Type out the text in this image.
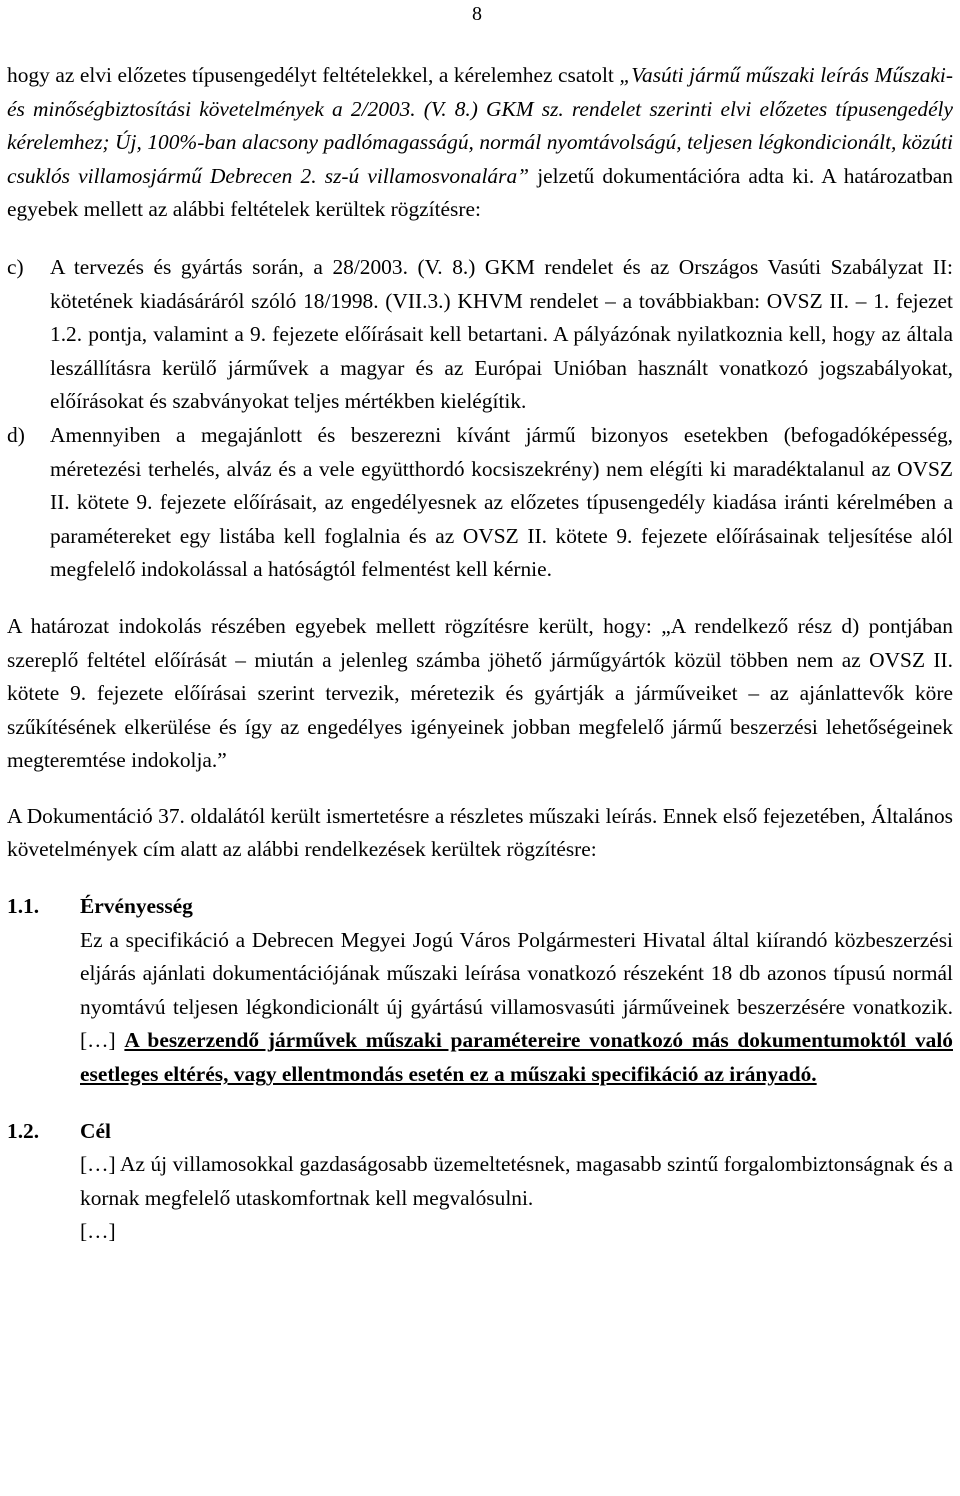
8

hogy az elvi előzetes típusengedélyt feltételekkel, a kérelemhez csatolt „Vasúti jármű műszaki leírás Műszaki- és minőségbiztosítási követelmények a 2/2003. (V. 8.) GKM sz. rendelet szerinti elvi előzetes típusengedély kérelemhez; Új, 100%-ban alacsony padlómagasságú, normál nyomtávolságú, teljesen légkondicionált, közúti csuklós villamosjármű Debrecen 2. sz-ú villamosvonalára” jelzetű dokumentációra adta ki. A határozatban egyebek mellett az alábbi feltételek kerültek rögzítésre:

c)	A tervezés és gyártás során, a 28/2003. (V. 8.) GKM rendelet és az Országos Vasúti Szabályzat II: kötetének kiadásáráról szóló 18/1998. (VII.3.) KHVM rendelet – a továbbiakban: OVSZ II. – 1. fejezet 1.2. pontja, valamint a 9. fejezete előírásait kell betartani. A pályázónak nyilatkoznia kell, hogy az általa leszállításra kerülő járművek a magyar és az Európai Unióban használt vonatkozó jogszabályokat, előírásokat és szabványokat teljes mértékben kielégítik.
d)	Amennyiben a megajánlott és beszerezni kívánt jármű bizonyos esetekben (befogadóképesség, méretezési terhelés, alváz és a vele együtthordó kocsiszekrény) nem elégíti ki maradéktalanul az OVSZ II. kötete 9. fejezete előírásait, az engedélyesnek az előzetes típusengedély kiadása iránti kérelmében a paramétereket egy listába kell foglalnia és az OVSZ II. kötete 9. fejezete előírásainak teljesítése alól megfelelő indokolással a hatóságtól felmentést kell kérnie.

A határozat indokolás részében egyebek mellett rögzítésre került, hogy: „A rendelkező rész d) pontjában szereplő feltétel előírását – miután a jelenleg számba jöhető járműgyártók közül többen nem az OVSZ II. kötete 9. fejezete előírásai szerint tervezik, méretezik és gyártják a járműveiket – az ajánlattevők köre szűkítésének elkerülése és így az engedélyes igényeinek jobban megfelelő jármű beszerzési lehetőségeinek megteremtése indokolja.”

A Dokumentáció 37. oldalától került ismertetésre a részletes műszaki leírás. Ennek első fejezetében, Általános követelmények cím alatt az alábbi rendelkezések kerültek rögzítésre:

1.1.	Érvényesség

Ez a specifikáció a Debrecen Megyei Jogú Város Polgármesteri Hivatal által kiírandó közbeszerzési eljárás ajánlati dokumentációjának műszaki leírása vonatkozó részeként 18 db azonos típusú normál nyomtávú teljesen légkondicionált új gyártású villamosvasúti járműveinek beszerzésére vonatkozik. […] A beszerzendő járművek műszaki paramétereire vonatkozó más dokumentumoktól való esetleges eltérés, vagy ellentmondás esetén ez a műszaki specifikáció az irányadó.

1.2.	Cél

[…] Az új villamosokkal gazdaságosabb üzemeltetésnek, magasabb szintű forgalombiztonságnak és a kornak megfelelő utaskomfortnak kell megvalósulni.

[…]
